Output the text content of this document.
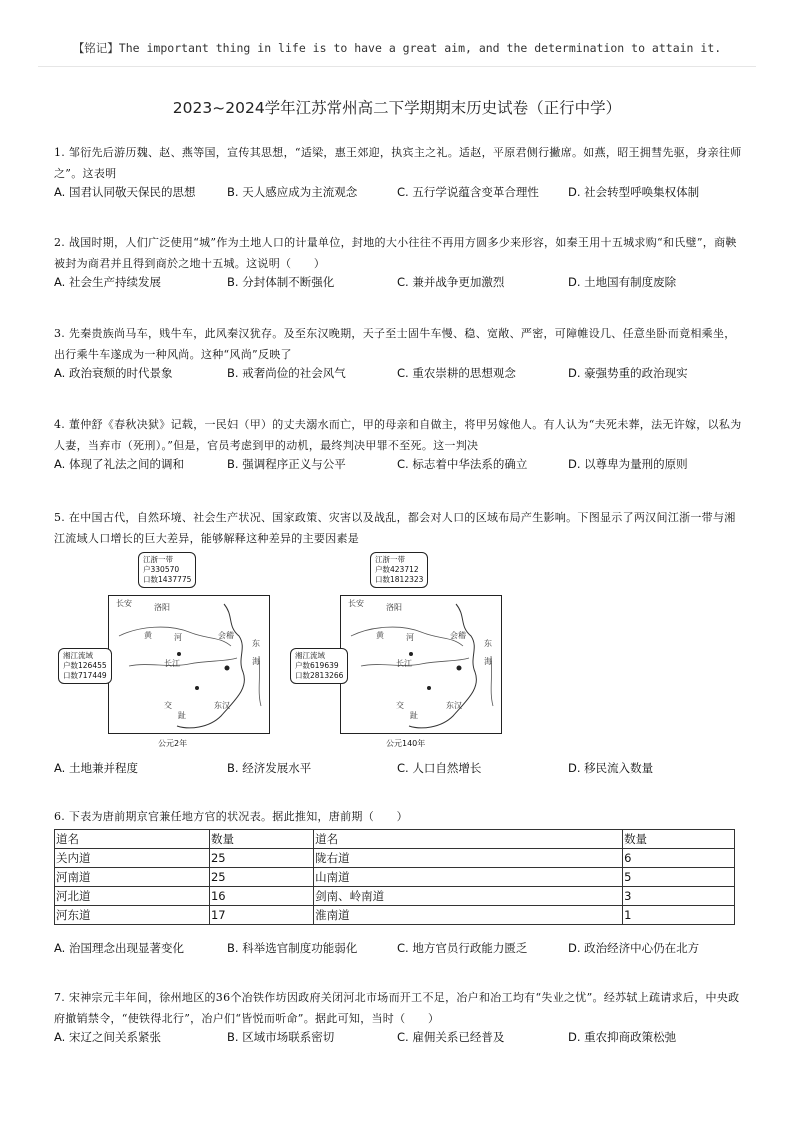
【铭记】The important thing in life is to have a great aim, and the determination to attain it.
2023~2024学年江苏常州高二下学期期末历史试卷（正行中学）
1. 邹衍先后游历魏、赵、燕等国，宣传其思想，“适梁，惠王郊迎，执宾主之礼。适赵，平原君侧行撇席。如燕，昭王拥彗先驱，身亲往师之”。这表明
A. 国君认同敬天保民的思想	B. 天人感应成为主流观念	C. 五行学说蕴含变革合理性	D. 社会转型呼唤集权体制
2. 战国时期，人们广泛使用“城”作为土地人口的计量单位，封地的大小往往不再用方圆多少来形容，如秦王用十五城求购“和氏璧”，商鞅被封为商君并且得到商於之地十五城。这说明（　　）
A. 社会生产持续发展	B. 分封体制不断强化	C. 兼并战争更加激烈	D. 土地国有制度废除
3. 先秦贵族尚马车，贱牛车，此风秦汉犹存。及至东汉晚期，天子至士固牛车慢、稳、宽敞、严密，可障帷设几、任意坐卧而竟相乘坐，出行乘牛车遂成为一种风尚。这种“风尚”反映了
A. 政治衰颓的时代景象	B. 戒奢尚俭的社会风气	C. 重农崇耕的思想观念	D. 豪强势重的政治现实
4. 董仲舒《春秋决狱》记载，一民妇（甲）的丈夫溺水而亡，甲的母亲和自做主，将甲另嫁他人。有人认为“夫死未葬，法无许嫁，以私为人妻，当弃市（死刑）。”但是，官员考虑到甲的动机，最终判决甲罪不至死。这一判决
A. 体现了礼法之间的调和	B. 强调程序正义与公平	C. 标志着中华法系的确立	D. 以尊卑为量刑的原则
5. 在中国古代，自然环境、社会生产状况、国家政策、灾害以及战乱，都会对人口的区域布局产生影响。下图显示了两汉间江浙一带与湘江流域人口增长的巨大差异，能够解释这种差异的主要因素是
长安	洛阳
黄	河
长江
东
海
东汉
交
趾
会稽
江浙一带
户330570
口数1437775
湘江流域
户数126455
口数717449
公元2年
长安	洛阳
黄	河
长江
东
海
东汉
交
趾
会稽
江浙一带
户数423712
口数1812323
湘江流域
户数619639
口数2813266
公元140年
A. 土地兼并程度	B. 经济发展水平	C. 人口自然增长	D. 移民流入数量
6. 下表为唐前期京官兼任地方官的状况表。据此推知，唐前期（　　）
道名	数量	道名	数量
关内道	25	陇右道	6
河南道	25	山南道	5
河北道	16	剑南、岭南道	3
河东道	17	淮南道	1
A. 治国理念出现显著变化	B. 科举选官制度功能弱化	C. 地方官员行政能力匮乏	D. 政治经济中心仍在北方
7. 宋神宗元丰年间，徐州地区的36个冶铁作坊因政府关闭河北市场而开工不足，冶户和冶工均有“失业之忧”。经苏轼上疏请求后，中央政府撤销禁令，“使铁得北行”，冶户们“皆悦而听命”。据此可知，当时（　　）
A. 宋辽之间关系紧张	B. 区域市场联系密切	C. 雇佣关系已经普及	D. 重农抑商政策松弛
